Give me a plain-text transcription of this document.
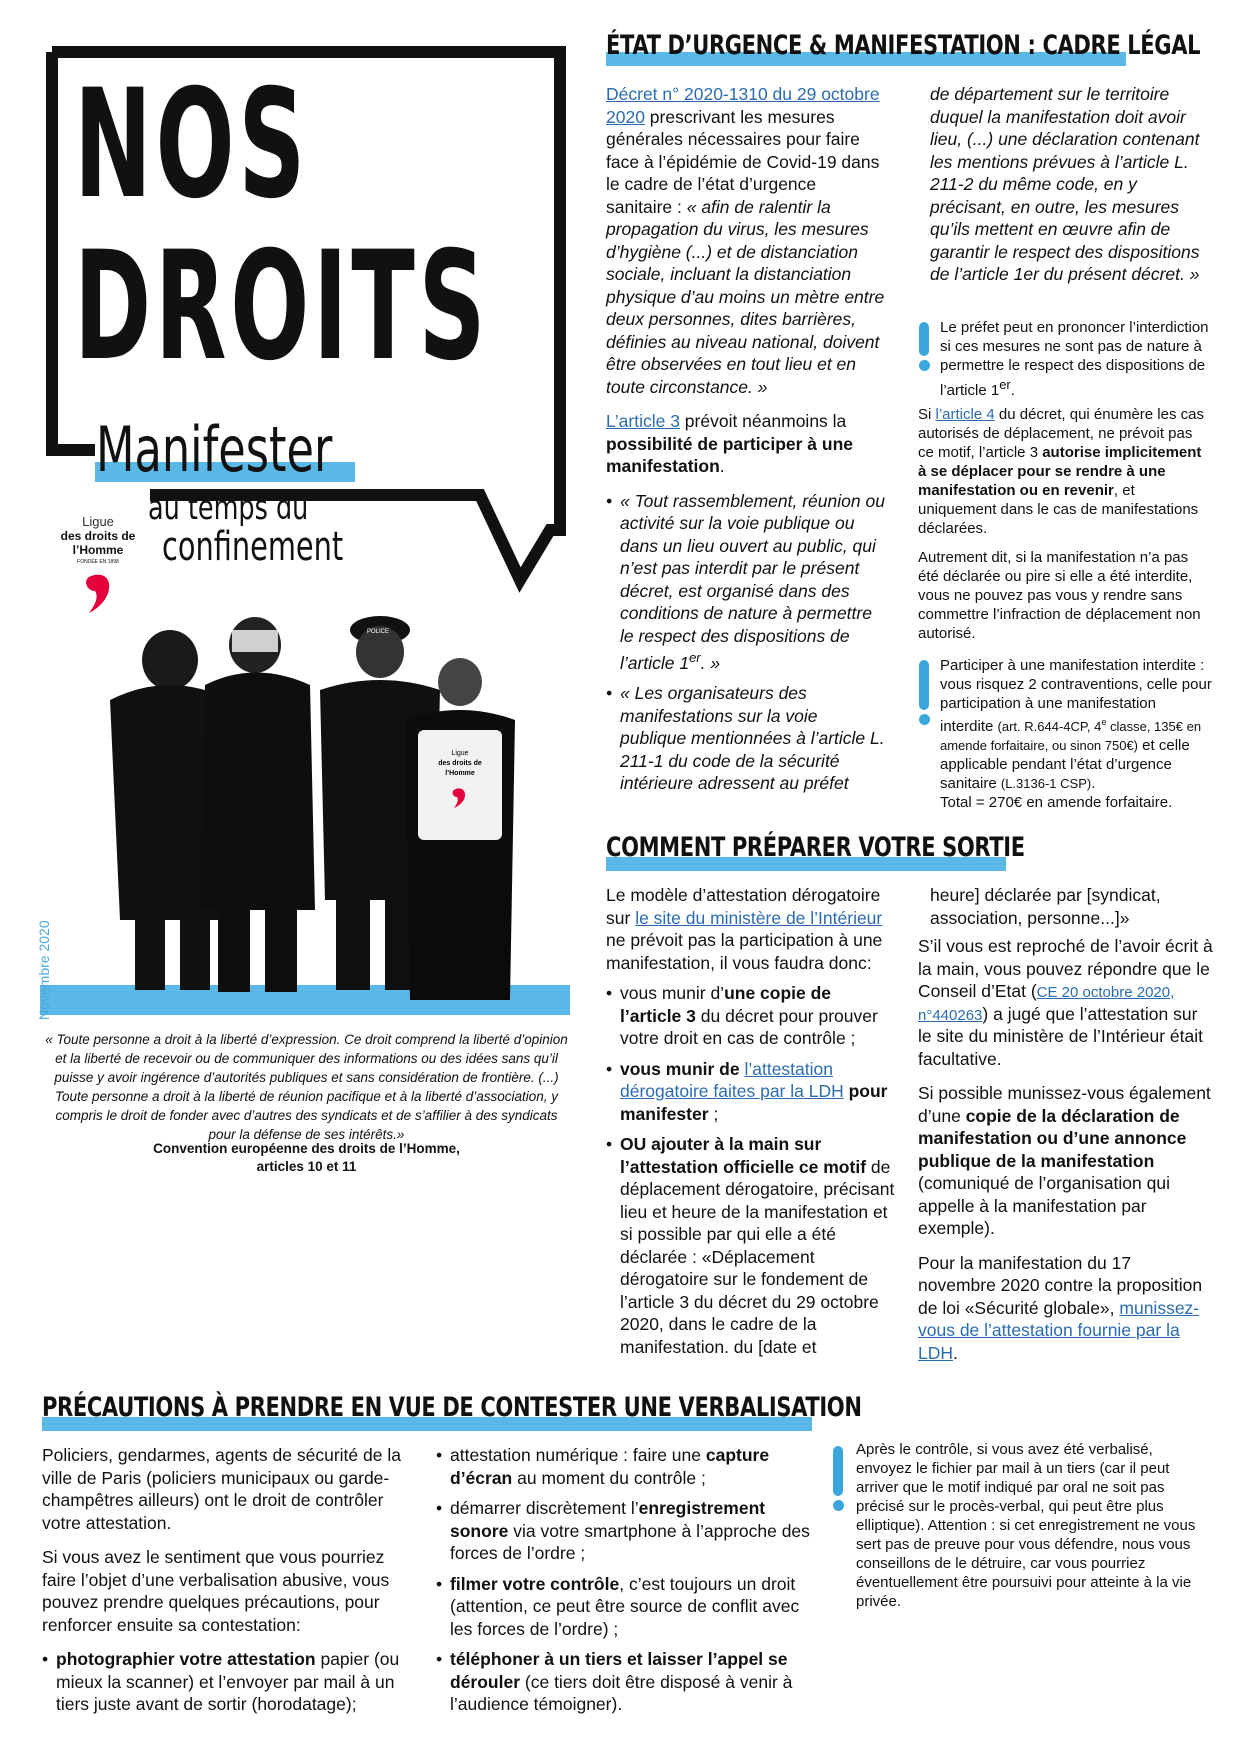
NOS
DROITS
Manifester
au temps du
confinement
Ligue
des droits de
l’Homme
FONDÉE EN 1898
POLICE
Ligue
des droits de
l’Homme
Novembre 2020
« Toute personne a droit à la liberté d’expression. Ce droit comprend la liberté d’opinion et la liberté de recevoir ou de communiquer des informations ou des idées sans qu’il puisse y avoir ingérence d’autorités publiques et sans considération de frontière. (...) Toute personne a droit à la liberté de réunion pacifique et à la liberté d’association, y compris le droit de fonder avec d’autres des syndicats et de s’affilier à des syndicats pour la défense de ses intérêts.»
Convention européenne des droits de l’Homme,
articles 10 et 11
ÉTAT D’URGENCE & MANIFESTATION : CADRE LÉGAL

Décret n° 2020-1310 du 29 octobre 2020 prescrivant les mesures générales nécessaires pour faire face à l’épidémie de Covid-19 dans le cadre de l’état d’urgence sanitaire : « afin de ralentir la propagation du virus, les mesures d’hygiène (...) et de distanciation sociale, incluant la distanciation physique d’au moins un mètre entre deux personnes, dites barrières, définies au niveau national, doivent être observées en tout lieu et en toute circonstance. »

L’article 3 prévoit néanmoins la possibilité de participer à une manifestation.

• « Tout rassemblement, réunion ou activité sur la voie publique ou dans un lieu ouvert au public, qui n’est pas interdit par le présent décret, est organisé dans des conditions de nature à permettre le respect des dispositions de l’article 1er. »
• « Les organisateurs des manifestations sur la voie publique mentionnées à l’article L. 211-1 du code de la sécurité intérieure adressent au préfet
de département sur le territoire duquel la manifestation doit avoir lieu, (...) une déclaration contenant les mentions prévues à l’article L. 211-2 du même code, en y précisant, en outre, les mesures qu’ils mettent en œuvre afin de garantir le respect des dispositions de l’article 1er du présent décret. »
Le préfet peut en prononcer l’interdiction si ces mesures ne sont pas de nature à permettre le respect des dispositions de l’article 1er.
Si l’article 4 du décret, qui énumère les cas autorisés de déplacement, ne prévoit pas ce motif, l’article 3 autorise implicitement à se déplacer pour se rendre à une manifestation ou en revenir, et uniquement dans le cas de manifestations déclarées.
Autrement dit, si la manifestation n’a pas été déclarée ou pire si elle a été interdite, vous ne pouvez pas vous y rendre sans commettre l’infraction de déplacement non autorisé.
Participer à une manifestation interdite : vous risquez 2 contraventions, celle pour participation à une manifestation interdite (art. R.644-4CP, 4e classe, 135€ en amende forfaitaire, ou sinon 750€) et celle applicable pendant l’état d’urgence sanitaire (L.3136-1 CSP).
Total = 270€ en amende forfaitaire.
COMMENT PRÉPARER VOTRE SORTIE

Le modèle d’attestation dérogatoire sur le site du ministère de l’Intérieur ne prévoit pas la participation à une manifestation, il vous faudra donc:

• vous munir d’une copie de l’article 3 du décret pour prouver votre droit en cas de contrôle ;
• vous munir de l’attestation dérogatoire faites par la LDH pour manifester ;
• OU ajouter à la main sur l’attestation officielle ce motif de déplacement dérogatoire, précisant lieu et heure de la manifestation et si possible par qui elle a été déclarée : «Déplacement dérogatoire sur le fondement de l’article 3 du décret du 29 octobre 2020, dans le cadre de la manifestation. du [date et

heure] déclarée par [syndicat, association, personne...]»

S’il vous est reproché de l’avoir écrit à la main, vous pouvez répondre que le Conseil d’Etat (CE 20 octobre 2020, n°440263) a jugé que l’attestation sur le site du ministère de l’Intérieur était facultative.

Si possible munissez-vous également d’une copie de la déclaration de manifestation ou d’une annonce publique de la manifestation (comuniqué de l’organisation qui appelle à la manifestation par exemple).

Pour la manifestation du 17 novembre 2020 contre la proposition de loi «Sécurité globale», munissez-vous de l’attestation fournie par la LDH.

PRÉCAUTIONS À PRENDRE EN VUE DE CONTESTER UNE VERBALISATION

Policiers, gendarmes, agents de sécurité de la ville de Paris (policiers municipaux ou garde-champêtres ailleurs) ont le droit de contrôler votre attestation.

Si vous avez le sentiment que vous pourriez faire l’objet d’une verbalisation abusive, vous pouvez prendre quelques précautions, pour renforcer ensuite sa contestation:

• photographier votre attestation papier (ou mieux la scanner) et l’envoyer par mail à un tiers juste avant de sortir (horodatage);
• attestation numérique : faire une capture d’écran au moment du contrôle ;
• démarrer discrètement l’enregistrement sonore via votre smartphone à l’approche des forces de l’ordre ;
• filmer votre contrôle, c’est toujours un droit (attention, ce peut être source de conflit avec les forces de l’ordre) ;
• téléphoner à un tiers et laisser l’appel se dérouler (ce tiers doit être disposé à venir à l’audience témoigner).
Après le contrôle, si vous avez été verbalisé, envoyez le fichier par mail à un tiers (car il peut arriver que le motif indiqué par oral ne soit pas précisé sur le procès-verbal, qui peut être plus elliptique). Attention : si cet enregistrement ne vous sert pas de preuve pour vous défendre, nous vous conseillons de le détruire, car vous pourriez éventuellement être poursuivi pour atteinte à la vie privée.
